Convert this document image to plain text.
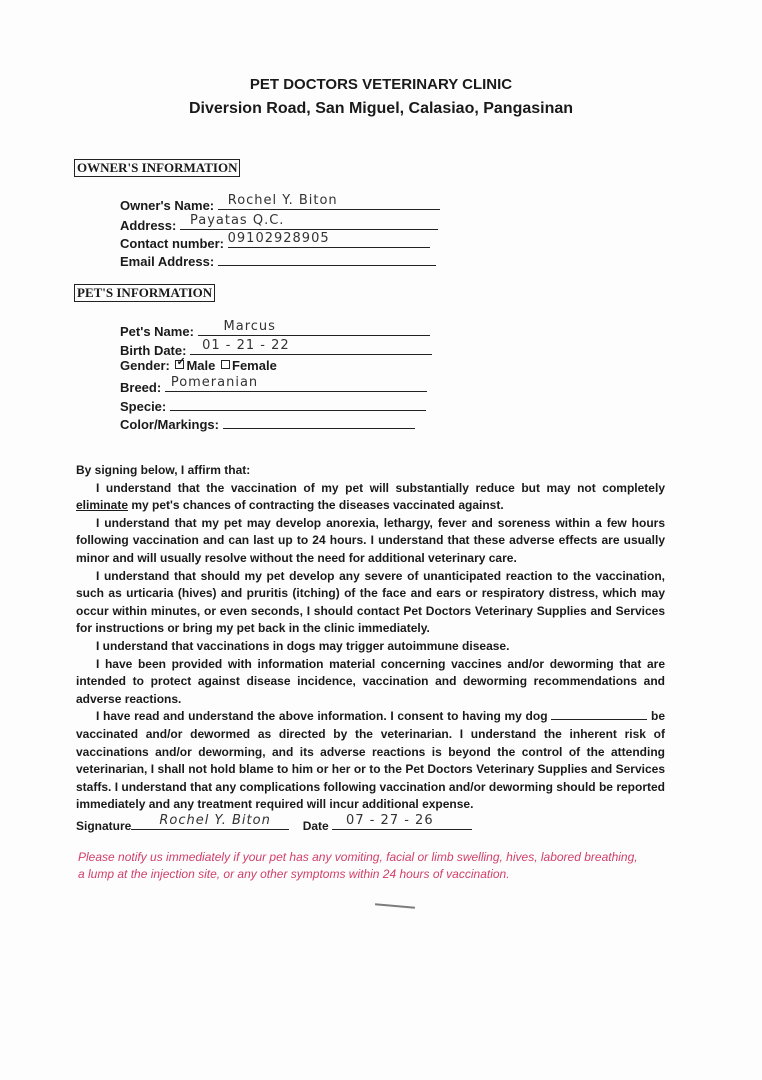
PET DOCTORS VETERINARY CLINIC
Diversion Road, San Miguel, Calasiao, Pangasinan
OWNER'S INFORMATION
Owner's Name: Rochel Y. Biton
Address: Payatas Q.C.
Contact number: 09102928905
Email Address:
PET'S INFORMATION
Pet's Name: Marcus
Birth Date: 01 - 21 - 22
Gender: ✓ Male Female
Breed: Pomeranian
Specie:
Color/Markings:

By signing below, I affirm that:

I understand that the vaccination of my pet will substantially reduce but may not completely eliminate my pet's chances of contracting the diseases vaccinated against.

I understand that my pet may develop anorexia, lethargy, fever and soreness within a few hours following vaccination and can last up to 24 hours. I understand that these adverse effects are usually minor and will usually resolve without the need for additional veterinary care.

I understand that should my pet develop any severe of unanticipated reaction to the vaccination, such as urticaria (hives) and pruritis (itching) of the face and ears or respiratory distress, which may occur within minutes, or even seconds, I should contact Pet Doctors Veterinary Supplies and Services for instructions or bring my pet back in the clinic immediately.

I understand that vaccinations in dogs may trigger autoimmune disease.

I have been provided with information material concerning vaccines and/or deworming that are intended to protect against disease incidence, vaccination and deworming recommendations and adverse reactions.

I have read and understand the above information. I consent to having my dog	be vaccinated and/or dewormed as directed by the veterinarian. I understand the inherent risk of vaccinations and/or deworming, and its adverse reactions is beyond the control of the attending veterinarian, I shall not hold blame to him or her or to the Pet Doctors Veterinary Supplies and Services staffs. I understand that any complications following vaccination and/or deworming should be reported immediately and any treatment required will incur additional expense.

Signature Rochel Y. Biton	Date 07 - 27 - 26
Please notify us immediately if your pet has any vomiting, facial or limb swelling, hives, labored breathing, a lump at the injection site, or any other symptoms within 24 hours of vaccination.
